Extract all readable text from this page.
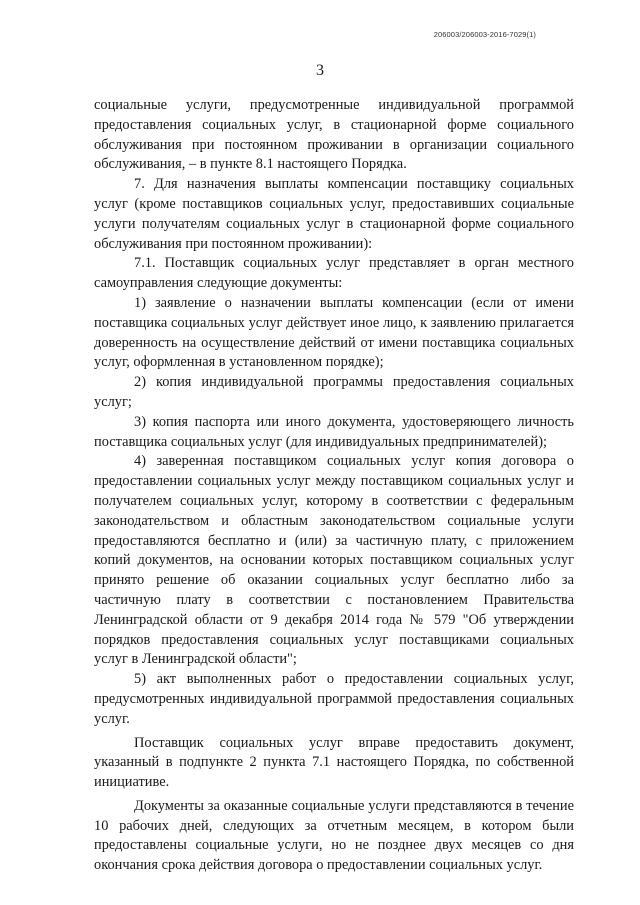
206003/206003-2016-7029(1)
3

социальные услуги, предусмотренные индивидуальной программой предоставления социальных услуг, в стационарной форме социального обслуживания при постоянном проживании в организации социального обслуживания, – в пункте 8.1 настоящего Порядка.

7. Для назначения выплаты компенсации поставщику социальных услуг (кроме поставщиков социальных услуг, предоставивших социальные услуги получателям социальных услуг в стационарной форме социального обслуживания при постоянном проживании):

7.1. Поставщик социальных услуг представляет в орган местного самоуправления следующие документы:

1) заявление о назначении выплаты компенсации (если от имени поставщика социальных услуг действует иное лицо, к заявлению прилагается доверенность на осуществление действий от имени поставщика социальных услуг, оформленная в установленном порядке);

2) копия индивидуальной программы предоставления социальных услуг;

3) копия паспорта или иного документа, удостоверяющего личность поставщика социальных услуг (для индивидуальных предпринимателей);

4) заверенная поставщиком социальных услуг копия договора о предоставлении социальных услуг между поставщиком социальных услуг и получателем социальных услуг, которому в соответствии с федеральным законодательством и областным законодательством социальные услуги предоставляются бесплатно и (или) за частичную плату, с приложением копий документов, на основании которых поставщиком социальных услуг принято решение об оказании социальных услуг бесплатно либо за частичную плату в соответствии с постановлением Правительства Ленинградской области от 9 декабря 2014 года № 579 "Об утверждении порядков предоставления социальных услуг поставщиками социальных услуг в Ленинградской области";

5) акт выполненных работ о предоставлении социальных услуг, предусмотренных индивидуальной программой предоставления социальных услуг.

Поставщик социальных услуг вправе предоставить документ, указанный в подпункте 2 пункта 7.1 настоящего Порядка, по собственной инициативе.

Документы за оказанные социальные услуги представляются в течение 10 рабочих дней, следующих за отчетным месяцем, в котором были предоставлены социальные услуги, но не позднее двух месяцев со дня окончания срока действия договора о предоставлении социальных услуг.
